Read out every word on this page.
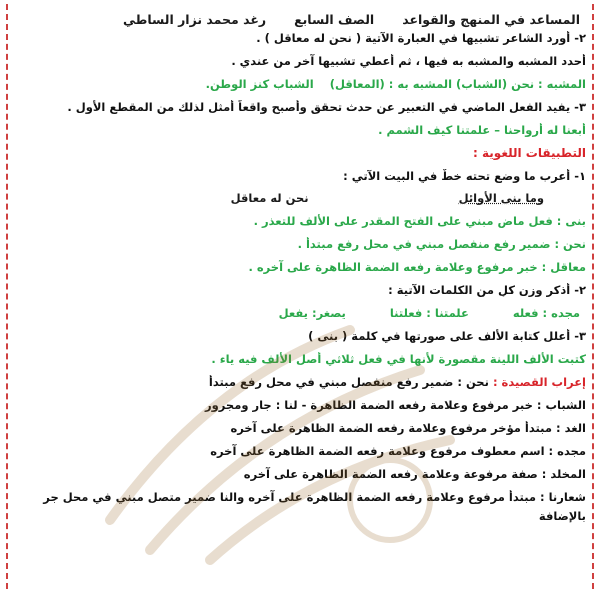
المساعد في المنهج والقواعد
الصف السابع
رغد محمد نزار الساطي
٢- أورد الشاعر تشبيها في العبارة الآتية ( نحن له معاقل ) .
أحدد المشبه والمشبه به فيها ، ثم أعطي تشبيها آخر من عندي .
المشبه : نحن (الشباب) المشبه به : (المعاقل)    الشباب كنز الوطن.
٣- يفيد الفعل الماضي في التعبير عن حدث تحقق وأصبح واقعاً أمثل لذلك من المقطع الأول .
أبعنا له أرواحنا – علمتنا كيف الشمم .
التطبيقات اللغوية :
١- أعرب ما وضع تحته خطٌ في البيت الآتي :
وما بنى الأوائل
نحن له معاقل
بنى : فعل ماضٍ مبني على الفتح المقدر على الألف للتعذر .
نحن : ضمير رفع منفصل مبني في محل رفع مبتدأ .
معاقل : خبر مرفوع وعلامة رفعه الضمة الظاهرة على آخره .
٢- أذكر وزن كلٍ من الكلمات الآتية :
مجده : فعله
علمتنا : فعلتنا
يصغر: يفعل
٣- أعلل كتابة الألف على صورتها في كلمة ( بنى )
كتبت الألف اللينة مقصورة لأنها في فعل ثلاثي أصل الألف فيه ياء .
إعراب القصيدة : نحن : ضمير رفع منفصل مبني في محل رفع مبتدأ
الشباب : خبر مرفوع وعلامة رفعه الضمة الظاهرة - لنا : جار ومجرور
الغد : مبتدأ مؤخر مرفوع وعلامة رفعه الضمة الظاهرة على آخره
مجده : اسم معطوف مرفوع وعلامة رفعه الضمة الظاهرة على آخره
المخلد : صفة مرفوعة وعلامة رفعه الضمة الظاهرة على آخره
شعارنا : مبتدأ مرفوع وعلامة رفعه الضمة الظاهرة على آخره والنا ضمير متصل مبني في محل جر
بالإضافة
